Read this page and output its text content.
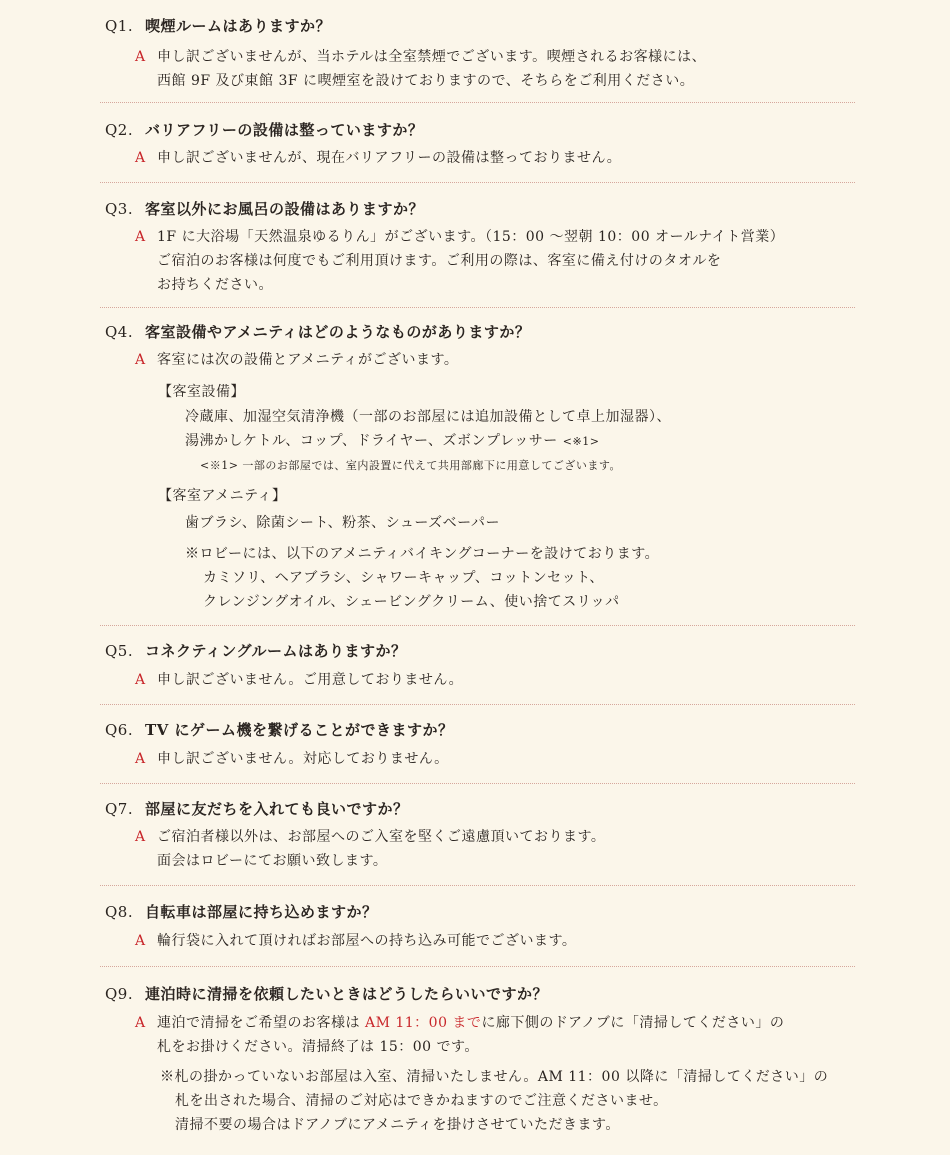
Q1. 喫煙ルームはありますか？
A 申し訳ございませんが、当ホテルは全室禁煙でございます。喫煙されるお客様には、
西館 9F 及び東館 3F に喫煙室を設けておりますので、そちらをご利用ください。
Q2. バリアフリーの設備は整っていますか？
A 申し訳ございませんが、現在バリアフリーの設備は整っておりません。
Q3. 客室以外にお風呂の設備はありますか？
A 1F に大浴場「天然温泉ゆるりん」がございます。（15：00 ～翌朝 10：00 オールナイト営業）
ご宿泊のお客様は何度でもご利用頂けます。ご利用の際は、客室に備え付けのタオルを
お持ちください。
Q4. 客室設備やアメニティはどのようなものがありますか？
A 客室には次の設備とアメニティがございます。
【客室設備】
冷蔵庫、加湿空気清浄機（一部のお部屋には追加設備として卓上加湿器）、
湯沸かしケトル、コップ、ドライヤー、ズボンプレッサー <※1>
<※1> 一部のお部屋では、室内設置に代えて共用部廊下に用意してございます。
【客室アメニティ】
歯ブラシ、除菌シート、粉茶、シューズベーパー
※ロビーには、以下のアメニティバイキングコーナーを設けております。
カミソリ、ヘアブラシ、シャワーキャップ、コットンセット、
クレンジングオイル、シェービングクリーム、使い捨てスリッパ
Q5. コネクティングルームはありますか？
A 申し訳ございません。ご用意しておりません。
Q6. TV にゲーム機を繋げることができますか？
A 申し訳ございません。対応しておりません。
Q7. 部屋に友だちを入れても良いですか？
A ご宿泊者様以外は、お部屋へのご入室を堅くご遠慮頂いております。
面会はロビーにてお願い致します。
Q8. 自転車は部屋に持ち込めますか？
A 輪行袋に入れて頂ければお部屋への持ち込み可能でございます。
Q9. 連泊時に清掃を依頼したいときはどうしたらいいですか？
A 連泊で清掃をご希望のお客様は AM 11：00 までに廊下側のドアノブに「清掃してください」の
札をお掛けください。清掃終了は 15：00 です。
※札の掛かっていないお部屋は入室、清掃いたしません。AM 11：00 以降に「清掃してください」の
札を出された場合、清掃のご対応はできかねますのでご注意くださいませ。
清掃不要の場合はドアノブにアメニティを掛けさせていただきます。
